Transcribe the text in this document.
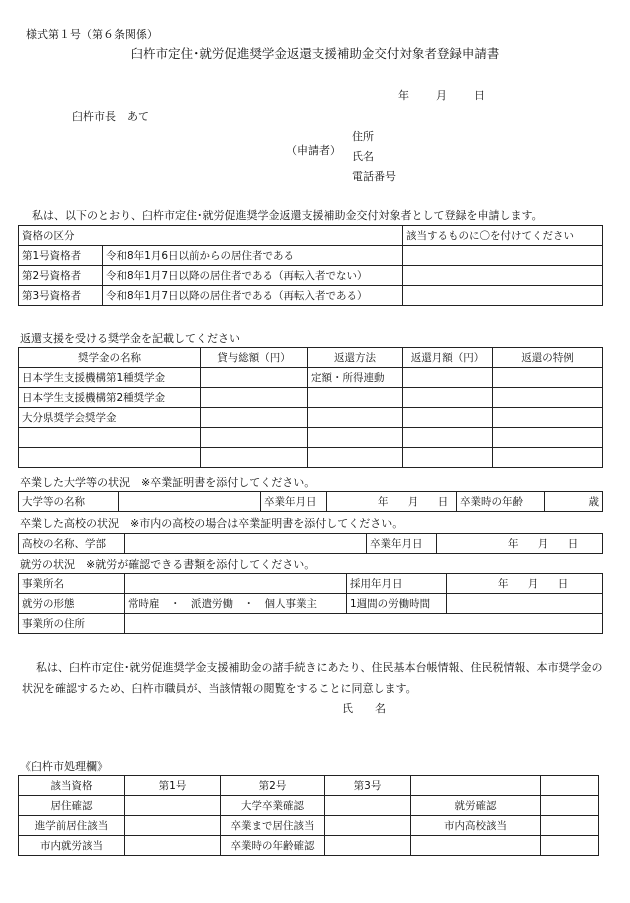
様式第１号（第６条関係）
臼杵市定住･就労促進奨学金返還支援補助金交付対象者登録申請書
年 月 日
臼杵市長　あて
（申請者）
住所
氏名
電話番号
私は、以下のとおり、臼杵市定住･就労促進奨学金返還支援補助金交付対象者として登録を申請します。
資格の区分		該当するものに〇を付けてください
第1号資格者	令和8年1月6日以前からの居住者である	
第2号資格者	令和8年1月7日以降の居住者である（再転入者でない）	
第3号資格者	令和8年1月7日以降の居住者である（再転入者である）	
返還支援を受ける奨学金を記載してください
奨学金の名称	貸与総額（円）	返還方法	返還月額（円）	返還の特例
日本学生支援機構第1種奨学金		定額・所得連動		
日本学生支援機構第2種奨学金				
大分県奨学会奨学金				

卒業した大学等の状況　※卒業証明書を添付してください。
大学等の名称		卒業年月日	年 月 日	卒業時の年齢	歳
卒業した高校の状況　※市内の高校の場合は卒業証明書を添付してください。
高校の名称、学部		卒業年月日	年 月 日
就労の状況　※就労が確認できる書類を添付してください。
事業所名		採用年月日	年 月 日
就労の形態	常時雇　・　派遣労働　・　個人事業主	1週間の労働時間	
事業所の住所			
私は、臼杵市定住･就労促進奨学金支援補助金の諸手続きにあたり、住民基本台帳情報、住民税情報、本市奨学金の状況を確認するため、臼杵市職員が、当該情報の閲覧をすることに同意します。
氏　　名
《臼杵市処理欄》
該当資格	第1号	第2号	第3号		
居住確認		大学卒業確認		就労確認	
進学前居住該当		卒業まで居住該当		市内高校該当	
市内就労該当		卒業時の年齢確認			
